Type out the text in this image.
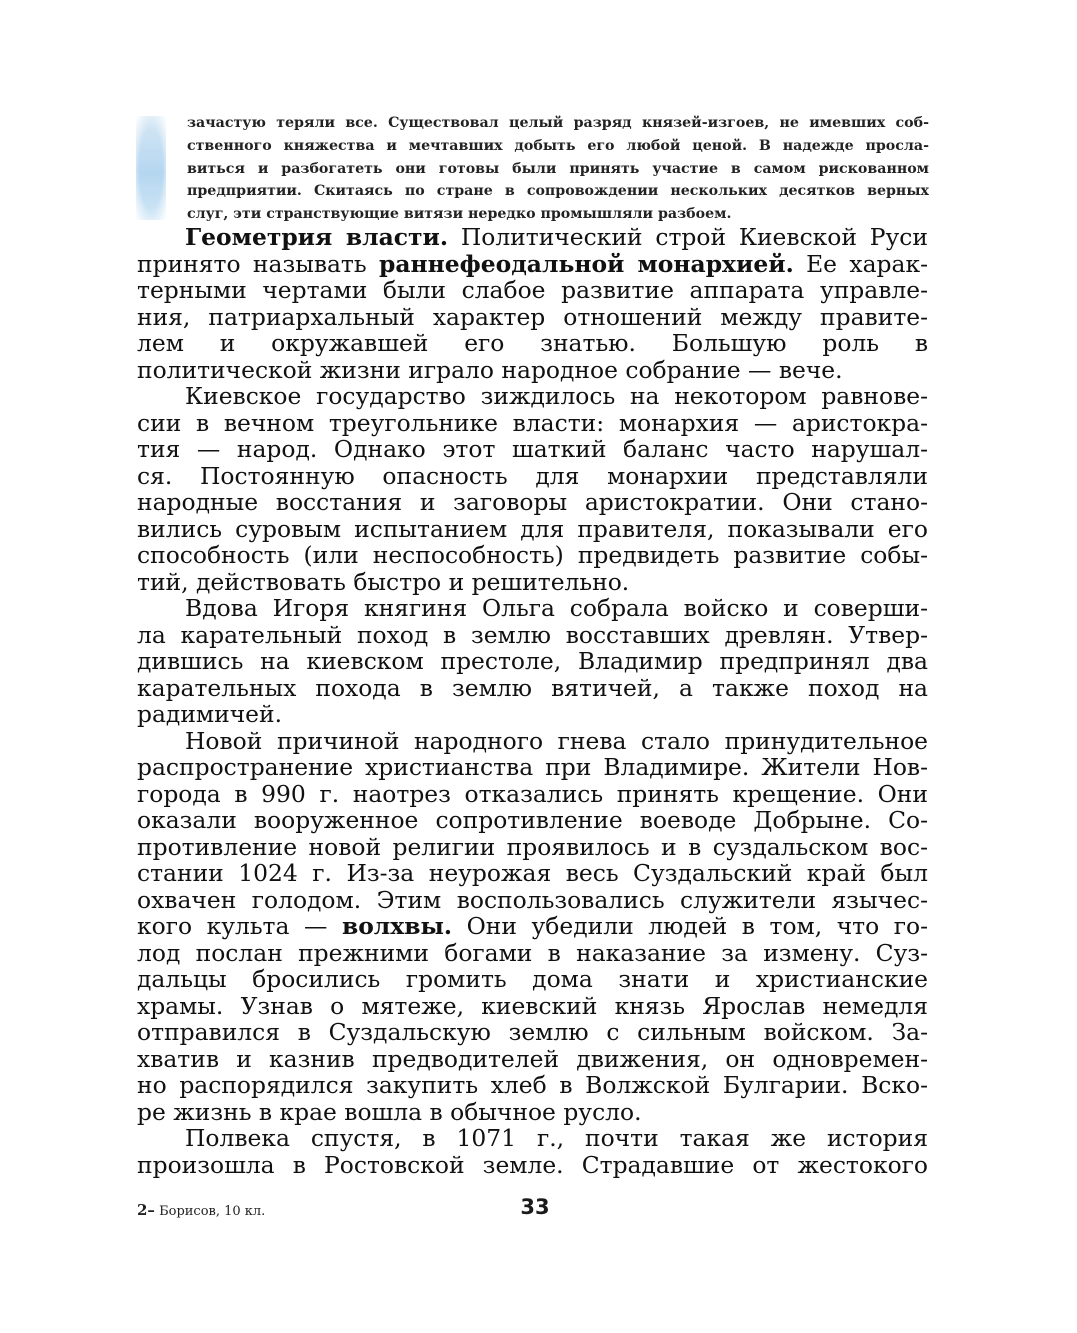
зачастую теряли все. Существовал целый разряд князей-изгоев, не имевших соб-
ственного княжества и мечтавших добыть его любой ценой. В надежде просла-
виться и разбогатеть они готовы были принять участие в самом рискованном
предприятии. Скитаясь по стране в сопровождении нескольких десятков верных
слуг, эти странствующие витязи нередко промышляли разбоем.
Геометрия власти. Политический строй Киевской Руси
принято называть раннефеодальной монархией. Ее харак-
терными чертами были слабое развитие аппарата управле-
ния, патриархальный характер отношений между правите-
лем и окружавшей его знатью. Большую роль в
политической жизни играло народное собрание — вече.
Киевское государство зиждилось на некотором равнове-
сии в вечном треугольнике власти: монархия — аристокра-
тия — народ. Однако этот шаткий баланс часто нарушал-
ся. Постоянную опасность для монархии представляли
народные восстания и заговоры аристократии. Они стано-
вились суровым испытанием для правителя, показывали его
способность (или неспособность) предвидеть развитие собы-
тий, действовать быстро и решительно.
Вдова Игоря княгиня Ольга собрала войско и соверши-
ла карательный поход в землю восставших древлян. Утвер-
дившись на киевском престоле, Владимир предпринял два
карательных похода в землю вятичей, а также поход на
радимичей.
Новой причиной народного гнева стало принудительное
распространение христианства при Владимире. Жители Нов-
города в 990 г. наотрез отказались принять крещение. Они
оказали вооруженное сопротивление воеводе Добрыне. Со-
противление новой религии проявилось и в суздальском вос-
стании 1024 г. Из-за неурожая весь Суздальский край был
охвачен голодом. Этим воспользовались служители язычес-
кого культа — волхвы. Они убедили людей в том, что го-
лод послан прежними богами в наказание за измену. Суз-
дальцы бросились громить дома знати и христианские
храмы. Узнав о мятеже, киевский князь Ярослав немедля
отправился в Суздальскую землю с сильным войском. За-
хватив и казнив предводителей движения, он одновремен-
но распорядился закупить хлеб в Волжской Булгарии. Вско-
ре жизнь в крае вошла в обычное русло.
Полвека спустя, в 1071 г., почти такая же история
произошла в Ростовской земле. Страдавшие от жестокого
2– Борисов, 10 кл.	33
